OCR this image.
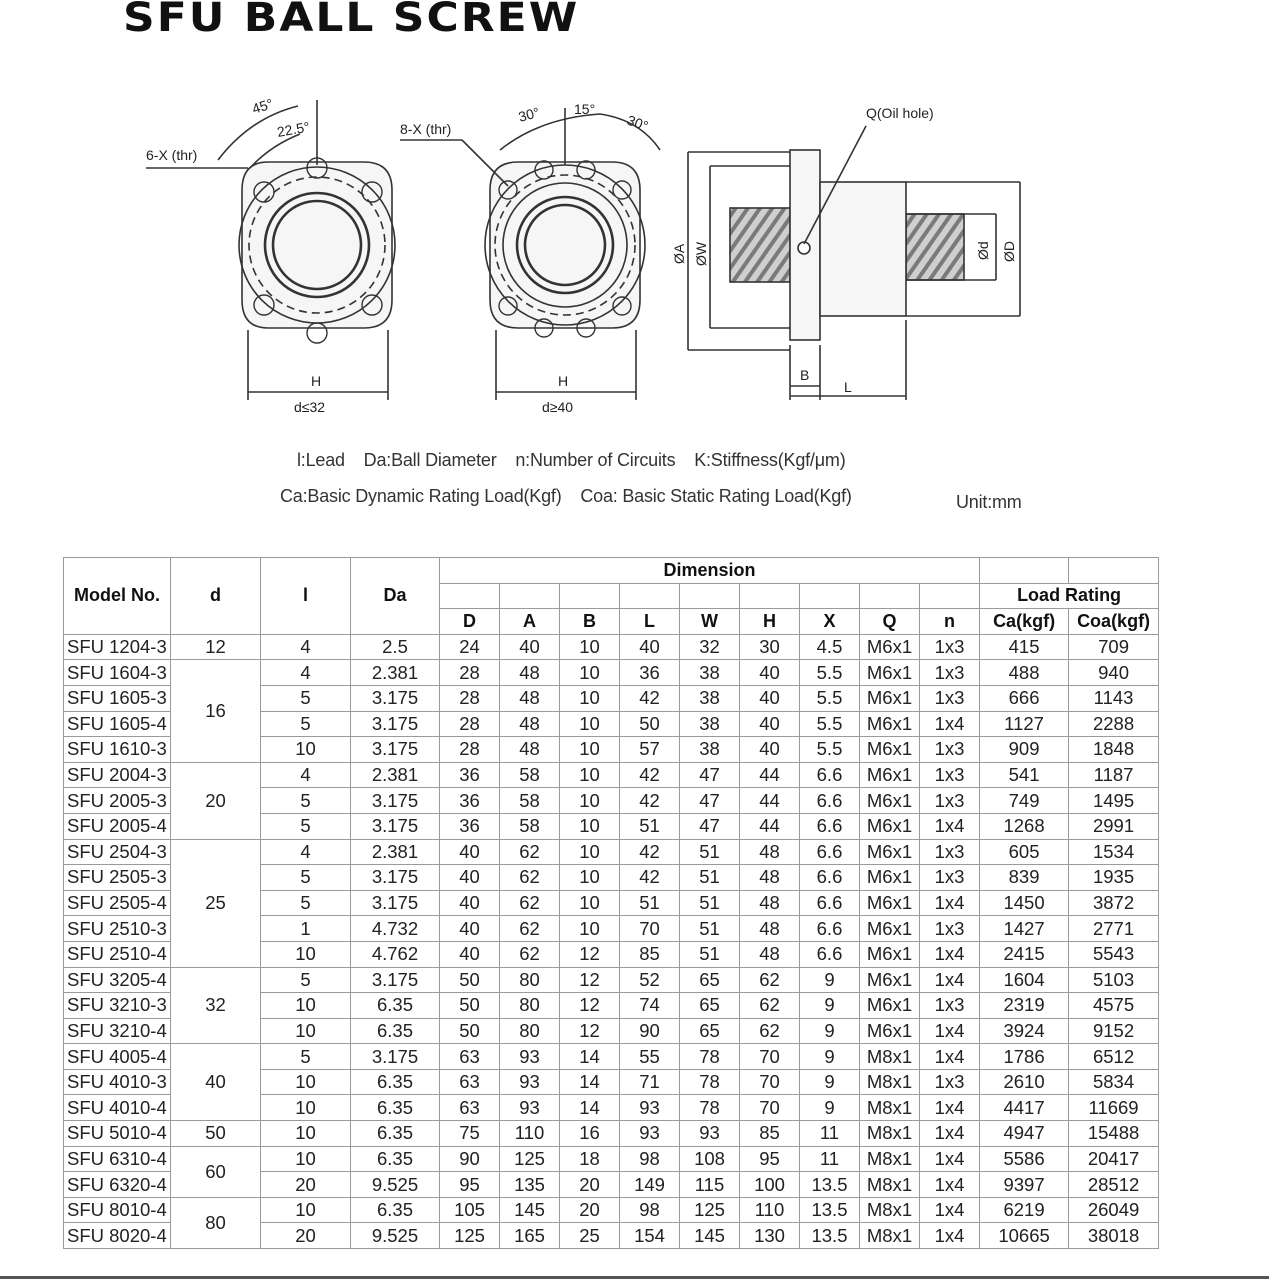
SFU BALL SCREW
45°
22.5°
6-X (thr)
H
d≤32
30° 15°
30°
8-X (thr)
H
d≥40
Q(Oil hole)
ØA ØW	Ød ØD
B
L
l:Lead Da:Ball Diameter n:Number of Circuits K:Stiffness(Kgf/μm)
Ca:Basic Dynamic Rating Load(Kgf) Coa: Basic Static Rating Load(Kgf)	Unit:mm
Model No.	d	l	Da	Dimension										
													Load Rating	
				D	A	B	L	W	H	X	Q	n	Ca(kgf)	Coa(kgf)
SFU 1204-3	12	4	2.5	24	40	10	40	32	30	4.5	M6x1	1x3	415	709
SFU 1604-3	16	4	2.381	28	48	10	36	38	40	5.5	M6x1	1x3	488	940
SFU 1605-3		5	3.175	28	48	10	42	38	40	5.5	M6x1	1x3	666	1143
SFU 1605-4		5	3.175	28	48	10	50	38	40	5.5	M6x1	1x4	1127	2288
SFU 1610-3		10	3.175	28	48	10	57	38	40	5.5	M6x1	1x3	909	1848
SFU 2004-3	20	4	2.381	36	58	10	42	47	44	6.6	M6x1	1x3	541	1187
SFU 2005-3		5	3.175	36	58	10	42	47	44	6.6	M6x1	1x3	749	1495
SFU 2005-4		5	3.175	36	58	10	51	47	44	6.6	M6x1	1x4	1268	2991
SFU 2504-3	25	4	2.381	40	62	10	42	51	48	6.6	M6x1	1x3	605	1534
SFU 2505-3		5	3.175	40	62	10	42	51	48	6.6	M6x1	1x3	839	1935
SFU 2505-4		5	3.175	40	62	10	51	51	48	6.6	M6x1	1x4	1450	3872
SFU 2510-3		1	4.732	40	62	10	70	51	48	6.6	M6x1	1x3	1427	2771
SFU 2510-4		10	4.762	40	62	12	85	51	48	6.6	M6x1	1x4	2415	5543
SFU 3205-4	32	5	3.175	50	80	12	52	65	62	9	M6x1	1x4	1604	5103
SFU 3210-3		10	6.35	50	80	12	74	65	62	9	M6x1	1x3	2319	4575
SFU 3210-4		10	6.35	50	80	12	90	65	62	9	M6x1	1x4	3924	9152
SFU 4005-4	40	5	3.175	63	93	14	55	78	70	9	M8x1	1x4	1786	6512
SFU 4010-3		10	6.35	63	93	14	71	78	70	9	M8x1	1x3	2610	5834
SFU 4010-4		10	6.35	63	93	14	93	78	70	9	M8x1	1x4	4417	11669
SFU 5010-4	50	10	6.35	75	110	16	93	93	85	11	M8x1	1x4	4947	15488
SFU 6310-4	60	10	6.35	90	125	18	98	108	95	11	M8x1	1x4	5586	20417
SFU 6320-4		20	9.525	95	135	20	149	115	100	13.5	M8x1	1x4	9397	28512
SFU 8010-4	80	10	6.35	105	145	20	98	125	110	13.5	M8x1	1x4	6219	26049
SFU 8020-4		20	9.525	125	165	25	154	145	130	13.5	M8x1	1x4	10665	38018
